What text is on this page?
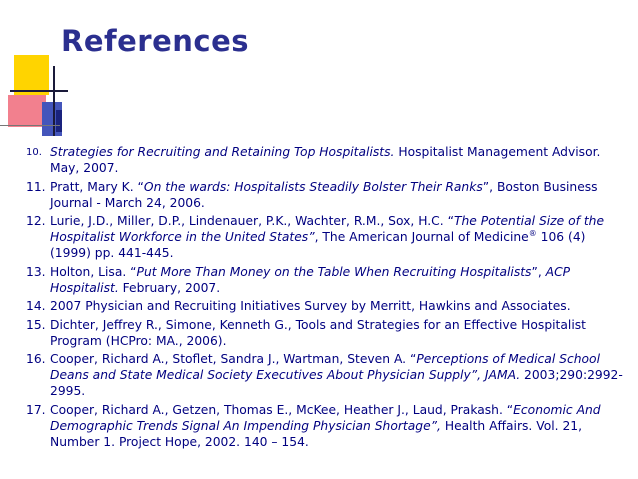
References
10. Strategies for Recruiting and Retaining Top Hospitalists. Hospitalist Management Advisor. May, 2007.
11. Pratt, Mary K. “On the wards: Hospitalists Steadily Bolster Their Ranks”, Boston Business Journal - March 24, 2006.
12. Lurie, J.D., Miller, D.P., Lindenauer, P.K., Wachter, R.M., Sox, H.C. “The Potential Size of the Hospitalist Workforce in the United States”, The American Journal of Medicine® 106 (4) (1999) pp. 441-445.
13. Holton, Lisa. “Put More Than Money on the Table When Recruiting Hospitalists”, ACP Hospitalist. February, 2007.
14. 2007 Physician and Recruiting Initiatives Survey by Merritt, Hawkins and Associates.
15. Dichter, Jeffrey R., Simone, Kenneth G., Tools and Strategies for an Effective Hospitalist Program (HCPro: MA., 2006).
16. Cooper, Richard A., Stoflet, Sandra J., Wartman, Steven A. “Perceptions of Medical School Deans and State Medical Society Executives About Physician Supply”, JAMA. 2003;290:2992-2995.
17. Cooper, Richard A., Getzen, Thomas E., McKee, Heather J., Laud, Prakash. “Economic And Demographic Trends Signal An Impending Physician Shortage”, Health Affairs. Vol. 21, Number 1. Project Hope, 2002. 140 – 154.
